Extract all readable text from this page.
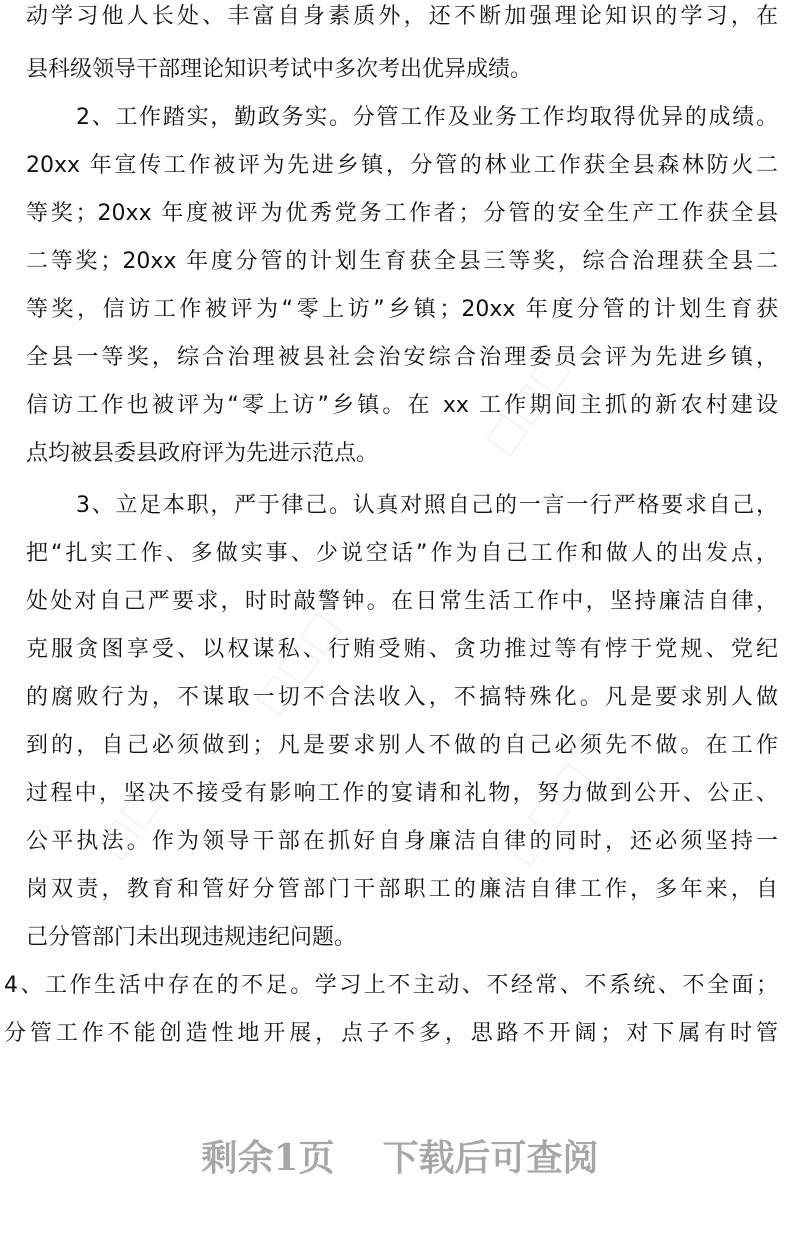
□□□
□□□
□□□
□□
动学习他人长处、丰富自身素质外，还不断加强理论知识的学习，在
县科级领导干部理论知识考试中多次考出优异成绩。
2、工作踏实，勤政务实。分管工作及业务工作均取得优异的成绩。
20xx 年宣传工作被评为先进乡镇，分管的林业工作获全县森林防火二
等奖；20xx 年度被评为优秀党务工作者；分管的安全生产工作获全县
二等奖；20xx 年度分管的计划生育获全县三等奖，综合治理获全县二
等奖，信访工作被评为“零上访”乡镇；20xx 年度分管的计划生育获
全县一等奖，综合治理被县社会治安综合治理委员会评为先进乡镇，
信访工作也被评为“零上访”乡镇。在 xx 工作期间主抓的新农村建设
点均被县委县政府评为先进示范点。
3、立足本职，严于律己。认真对照自己的一言一行严格要求自己，
把“扎实工作、多做实事、少说空话”作为自己工作和做人的出发点，
处处对自己严要求，时时敲警钟。在日常生活工作中，坚持廉洁自律，
克服贪图享受、以权谋私、行贿受贿、贪功推过等有悖于党规、党纪
的腐败行为，不谋取一切不合法收入，不搞特殊化。凡是要求别人做
到的，自己必须做到；凡是要求别人不做的自己必须先不做。在工作
过程中，坚决不接受有影响工作的宴请和礼物，努力做到公开、公正、
公平执法。作为领导干部在抓好自身廉洁自律的同时，还必须坚持一
岗双责，教育和管好分管部门干部职工的廉洁自律工作，多年来，自
己分管部门未出现违规违纪问题。
4、工作生活中存在的不足。学习上不主动、不经常、不系统、不全面；
分管工作不能创造性地开展，点子不多，思路不开阔；对下属有时管
剩余1页 下载后可查阅
